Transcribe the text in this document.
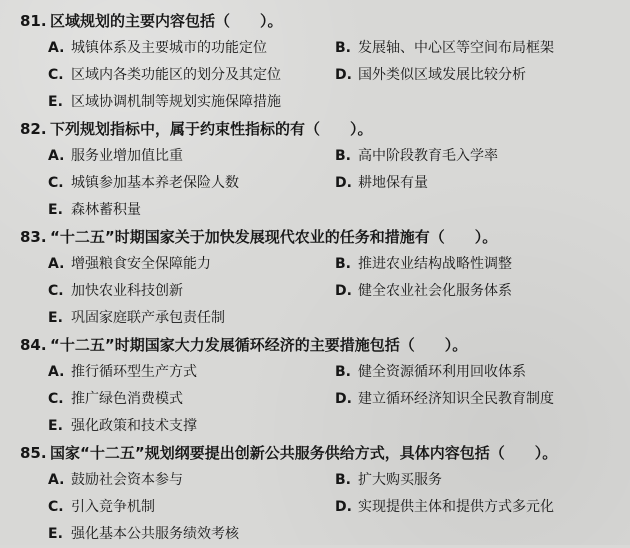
81. 区域规划的主要内容包括（　　）。
A. 城镇体系及主要城市的功能定位	B. 发展轴、中心区等空间布局框架
C. 区域内各类功能区的划分及其定位	D. 国外类似区域发展比较分析
E. 区域协调机制等规划实施保障措施
82. 下列规划指标中，属于约束性指标的有（　　）。
A. 服务业增加值比重	B. 高中阶段教育毛入学率
C. 城镇参加基本养老保险人数	D. 耕地保有量
E. 森林蓄积量
83. “十二五”时期国家关于加快发展现代农业的任务和措施有（　　）。
A. 增强粮食安全保障能力	B. 推进农业结构战略性调整
C. 加快农业科技创新	D. 健全农业社会化服务体系
E. 巩固家庭联产承包责任制
84. “十二五”时期国家大力发展循环经济的主要措施包括（　　）。
A. 推行循环型生产方式	B. 健全资源循环利用回收体系
C. 推广绿色消费模式	D. 建立循环经济知识全民教育制度
E. 强化政策和技术支撑
85. 国家“十二五”规划纲要提出创新公共服务供给方式，具体内容包括（　　）。
A. 鼓励社会资本参与	B. 扩大购买服务
C. 引入竞争机制	D. 实现提供主体和提供方式多元化
E. 强化基本公共服务绩效考核
